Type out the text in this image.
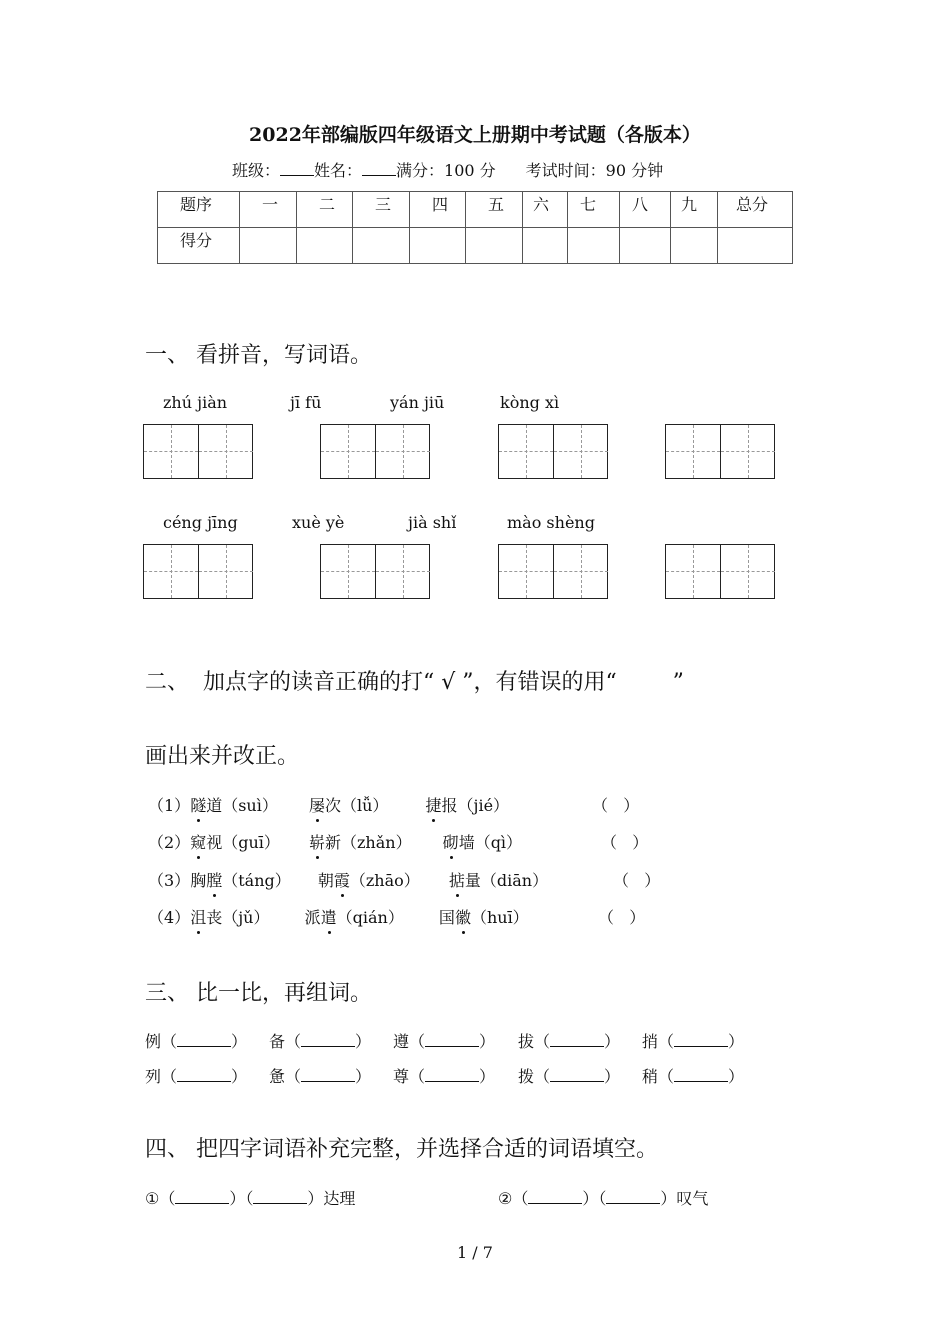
2022年部编版四年级语文上册期中考试题（各版本）
班级： 姓名： 满分：100 分 考试时间：90 分钟
题序	一	二	三	四	五	六	七	八	九	总分
得分										
一、 看拼音，写词语。
zhú jiàn	jī fū	yán jiū	kòng xì
céng jīng	xuè yè	jià shǐ	mào shèng
二、  加点字的读音正确的打“ √ ”，有错误的用“        ”
画出来并改正。
（1）隧道（suì） 屡次（lǚ） 捷报（jié）	（   ）
（2）窥视（guī） 崭新（zhǎn） 砌墙（qì）	（   ）
（3）胸膛（táng） 朝霞（zhāo） 掂量（diān）	（   ）
（4）沮丧（jǔ） 派遣（qián） 国徽（huī）	（   ）
三、 比一比，再组词。
例（	） 备（	） 遵（	） 拔（	） 捎（	）
列（	） 惫（	） 尊（	） 拨（	） 稍（	）
四、 把四字词语补充完整，并选择合适的词语填空。
①（	）（	）达理	②（	）（	）叹气
1 / 7
